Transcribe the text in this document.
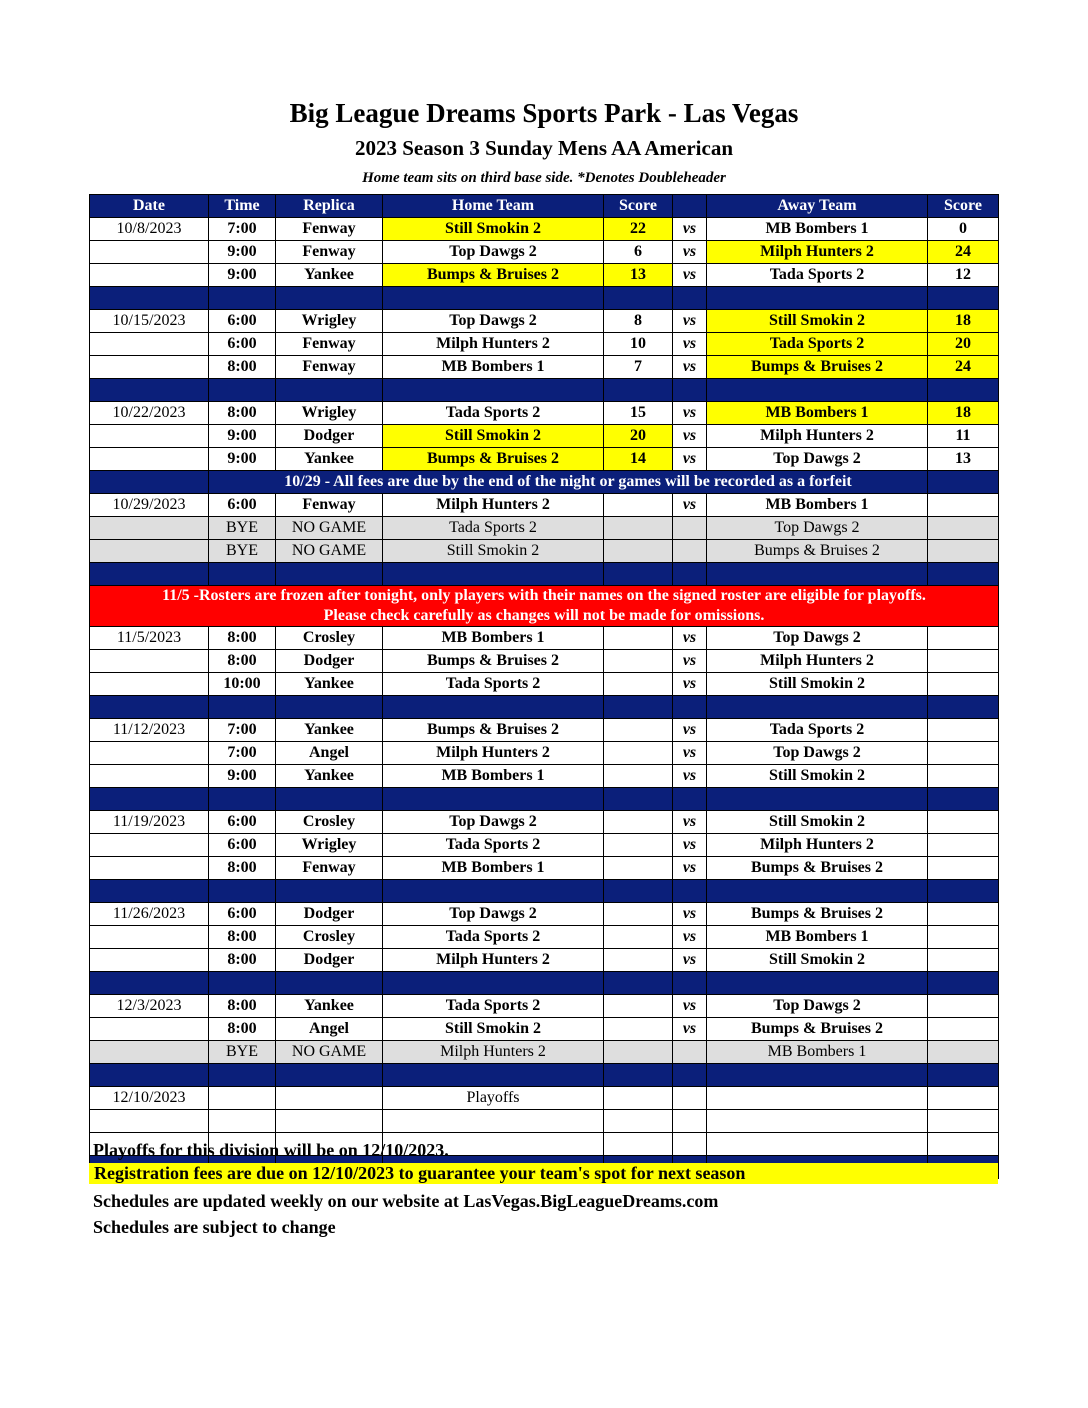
Big League Dreams Sports Park - Las Vegas
2023 Season 3 Sunday Mens AA American
Home team sits on third base side. *Denotes Doubleheader
Date	Time	Replica	Home Team	Score		Away Team	Score
10/8/2023	7:00	Fenway	Still Smokin 2	22	vs	MB Bombers 1	0
	9:00	Fenway	Top Dawgs 2	6	vs	Milph Hunters 2	24
	9:00	Yankee	Bumps & Bruises 2	13	vs	Tada Sports 2	12

10/15/2023	6:00	Wrigley	Top Dawgs 2	8	vs	Still Smokin 2	18
	6:00	Fenway	Milph Hunters 2	10	vs	Tada Sports 2	20
	8:00	Fenway	MB Bombers 1	7	vs	Bumps & Bruises 2	24

10/22/2023	8:00	Wrigley	Tada Sports 2	15	vs	MB Bombers 1	18
	9:00	Dodger	Still Smokin 2	20	vs	Milph Hunters 2	11
	9:00	Yankee	Bumps & Bruises 2	14	vs	Top Dawgs 2	13
	10/29 - All fees are due by the end of the night or games will be recorded as a forfeit						
10/29/2023	6:00	Fenway	Milph Hunters 2		vs	MB Bombers 1	
	BYE	NO GAME	Tada Sports 2			Top Dawgs 2	
	BYE	NO GAME	Still Smokin 2			Bumps & Bruises 2	

11/5 -Rosters are frozen after tonight, only players with their names on the signed roster are eligible for playoffs.
Please check carefully as changes will not be made for omissions.							

11/5/2023	8:00	Crosley	MB Bombers 1		vs	Top Dawgs 2	
	8:00	Dodger	Bumps & Bruises 2		vs	Milph Hunters 2	
	10:00	Yankee	Tada Sports 2		vs	Still Smokin 2	

11/12/2023	7:00	Yankee	Bumps & Bruises 2		vs	Tada Sports 2	
	7:00	Angel	Milph Hunters 2		vs	Top Dawgs 2	
	9:00	Yankee	MB Bombers 1		vs	Still Smokin 2	

11/19/2023	6:00	Crosley	Top Dawgs 2		vs	Still Smokin 2	
	6:00	Wrigley	Tada Sports 2		vs	Milph Hunters 2	
	8:00	Fenway	MB Bombers 1		vs	Bumps & Bruises 2	

11/26/2023	6:00	Dodger	Top Dawgs 2		vs	Bumps & Bruises 2	
	8:00	Crosley	Tada Sports 2		vs	MB Bombers 1	
	8:00	Dodger	Milph Hunters 2		vs	Still Smokin 2	

12/3/2023	8:00	Yankee	Tada Sports 2		vs	Top Dawgs 2	
	8:00	Angel	Still Smokin 2		vs	Bumps & Bruises 2	
	BYE	NO GAME	Milph Hunters 2			MB Bombers 1	

12/10/2023			Playoffs				

Playoffs for this division will be on 12/10/2023.
Registration fees are due on 12/10/2023 to guarantee your team's spot for next season
Schedules are updated weekly on our website at LasVegas.BigLeagueDreams.com
Schedules are subject to change
